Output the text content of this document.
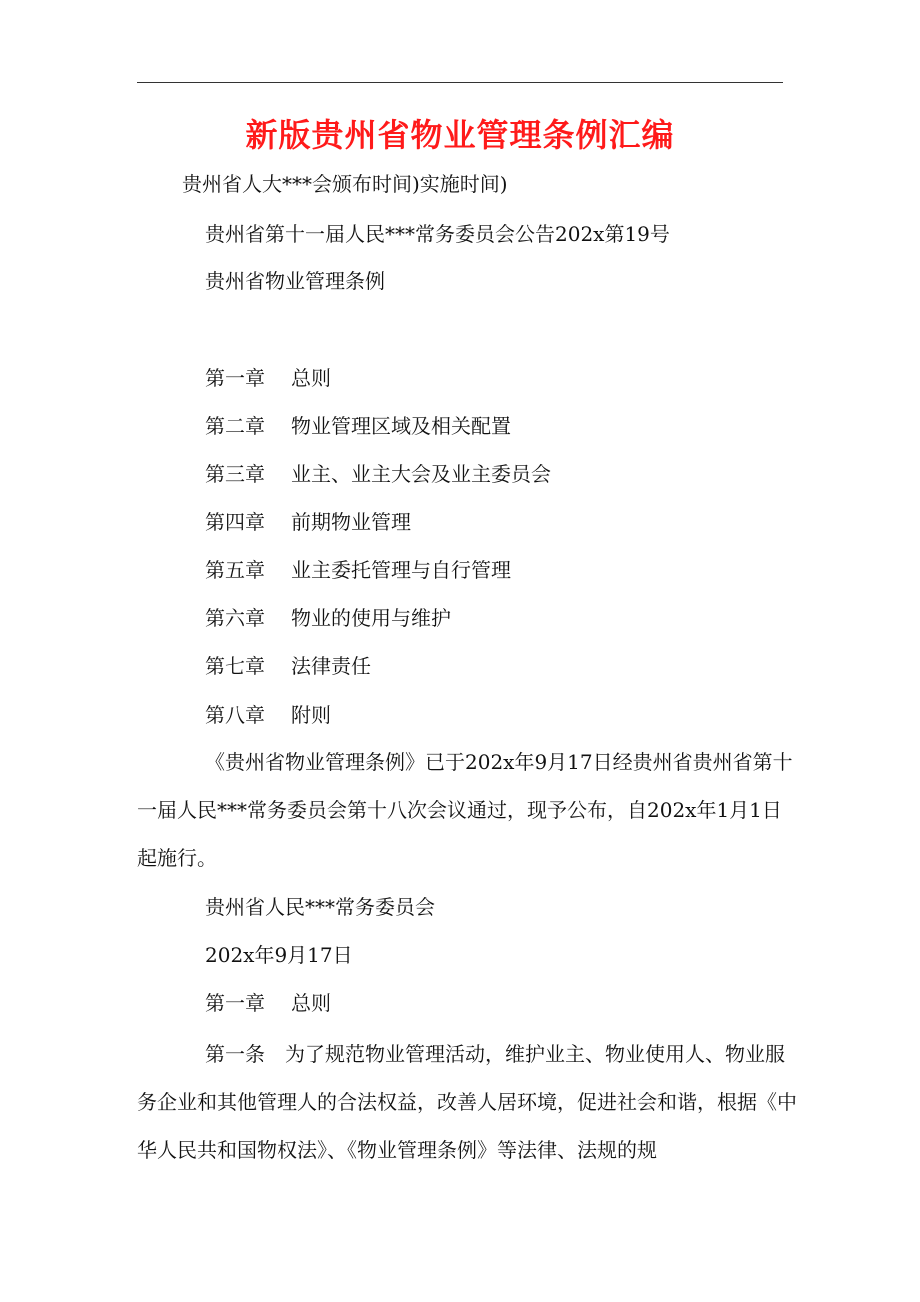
新版贵州省物业管理条例汇编
贵州省人大***会颁布时间)实施时间)
贵州省第十一届人民***常务委员会公告202x第19号
贵州省物业管理条例
第一章 总则
第二章 物业管理区域及相关配置
第三章 业主、业主大会及业主委员会
第四章 前期物业管理
第五章 业主委托管理与自行管理
第六章 物业的使用与维护
第七章 法律责任
第八章 附则
《贵州省物业管理条例》已于202x年9月17日经贵州省贵州省第十一届人民***常务委员会第十八次会议通过，现予公布，自202x年1月1日起施行。
贵州省人民***常务委员会
202x年9月17日
第一章 总则
第一条　为了规范物业管理活动，维护业主、物业使用人、物业服务企业和其他管理人的合法权益，改善人居环境，促进社会和谐，根据《中华人民共和国物权法》、《物业管理条例》等法律、法规的规
